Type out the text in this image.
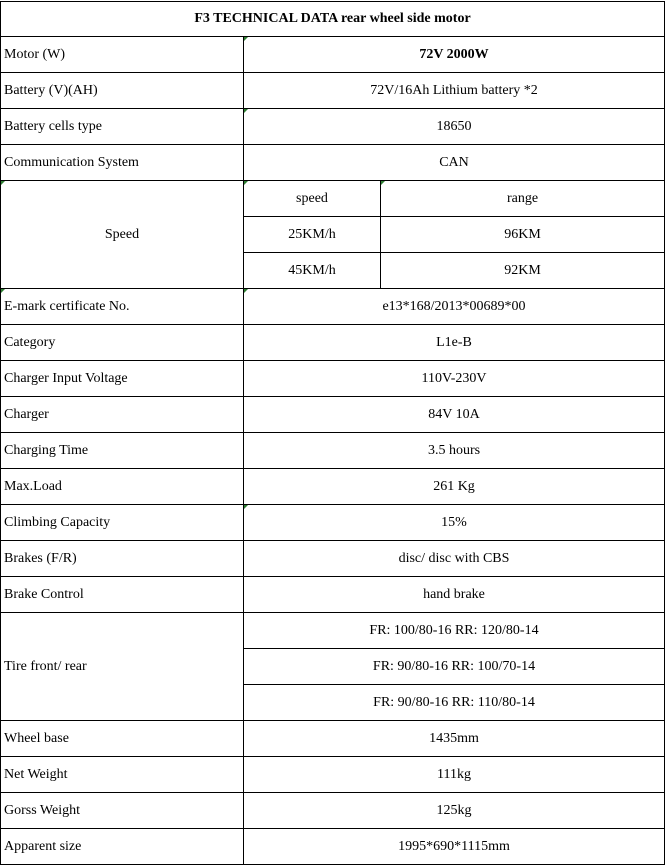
F3 TECHNICAL DATA rear wheel side motor		
Motor (W)	72V 2000W	
Battery (V)(AH)	72V/16Ah Lithium battery *2	
Battery cells type	18650	
Communication System	CAN	
Speed	speed	range
	25KM/h	96KM
	45KM/h	92KM
E-mark certificate No.	e13*168/2013*00689*00	
Category	L1e-B	
Charger Input Voltage	110V-230V	
Charger	84V 10A	
Charging Time	3.5 hours	
Max.Load	261 Kg	
Climbing Capacity	15%	
Brakes (F/R)	disc/ disc with CBS	
Brake Control	hand brake	
Tire front/ rear	FR: 100/80-16 RR: 120/80-14	
	FR: 90/80-16 RR: 100/70-14	
	FR: 90/80-16 RR: 110/80-14	
Wheel base	1435mm	
Net Weight	111kg	
Gorss Weight	125kg	
Apparent size	1995*690*1115mm	
